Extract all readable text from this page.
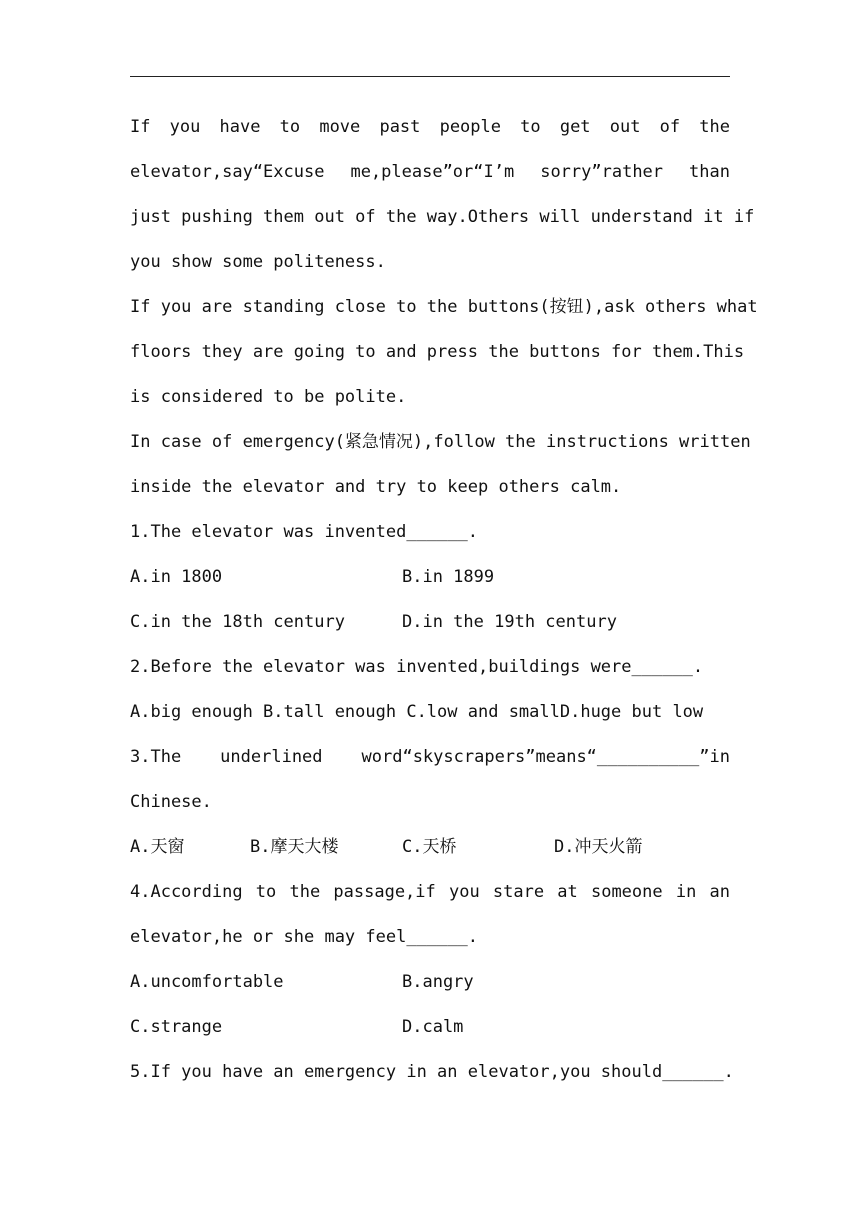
If you have to move past people to get out of the
elevator,say“Excuse me,please”or“I’m sorry”rather than
just pushing them out of the way.Others will understand it if
you show some politeness.
If you are standing close to the buttons(按钮),ask others what
floors they are going to and press the buttons for them.This
is considered to be polite.
In case of emergency(紧急情况),follow the instructions written
inside the elevator and try to keep others calm.
1.The elevator was invented______.
A.in 1800	B.in 1899
C.in the 18th century	D.in the 19th century
2.Before the elevator was invented,buildings were______.
A.big enough B.tall enough C.low and smallD.huge but low
3.The underlined word“skyscrapers”means“__________”in
Chinese.
A.天窗	B.摩天大楼	C.天桥	D.冲天火箭
4.According to the passage,if you stare at someone in an
elevator,he or she may feel______.
A.uncomfortable	B.angry
C.strange	D.calm
5.If you have an emergency in an elevator,you should______.
